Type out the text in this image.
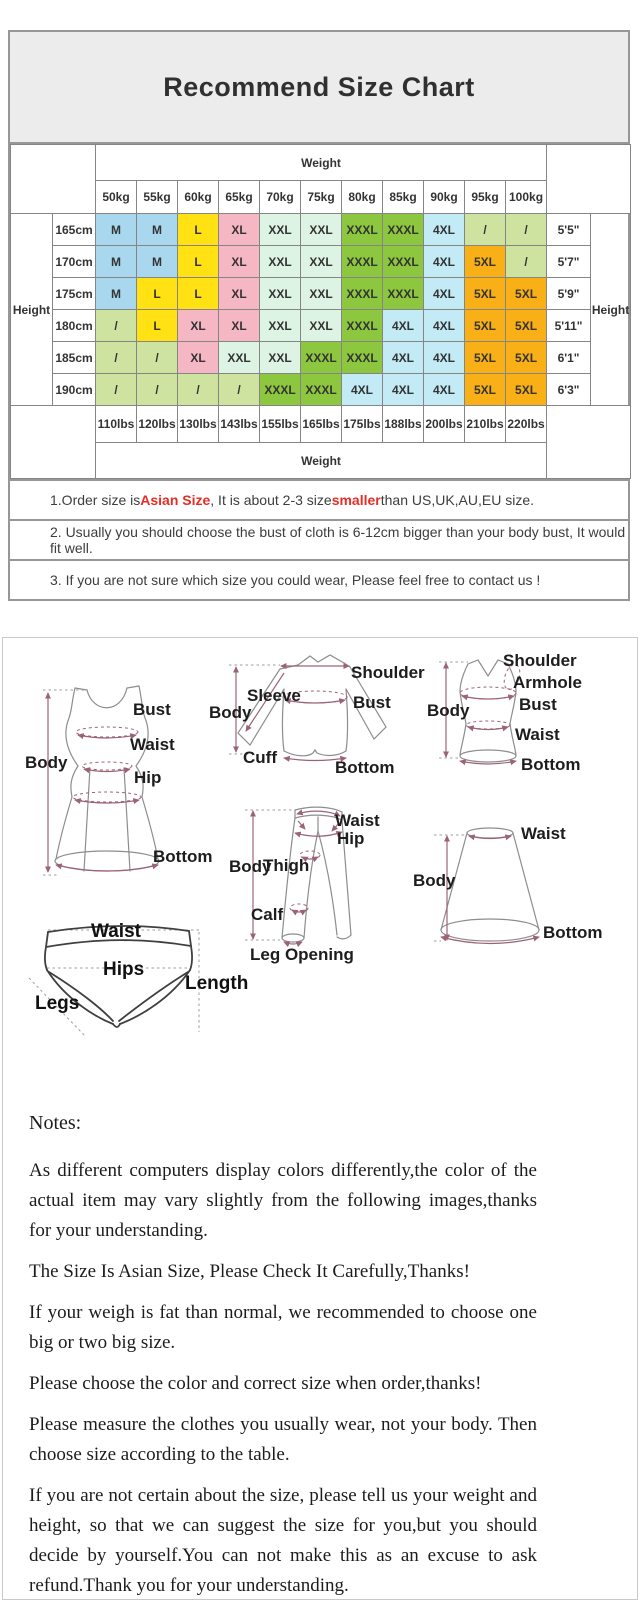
Recommend Size Chart
		Weight												
		50kg	55kg	60kg	65kg	70kg	75kg	80kg	85kg	90kg	95kg	100kg		
Height	165cm	M	M	L	XL	XXL	XXL	XXXL	XXXL	4XL	/	/	5'5"	Height
	170cm	M	M	L	XL	XXL	XXL	XXXL	XXXL	4XL	5XL	/	5'7"	
	175cm	M	L	L	XL	XXL	XXL	XXXL	XXXL	4XL	5XL	5XL	5'9"	
	180cm	/	L	XL	XL	XXL	XXL	XXXL	4XL	4XL	5XL	5XL	5'11"	
	185cm	/	/	XL	XXL	XXL	XXXL	XXXL	4XL	4XL	5XL	5XL	6'1"	
	190cm	/	/	/	/	XXXL	XXXL	4XL	4XL	4XL	5XL	5XL	6'3"	
		110lbs	120lbs	130lbs	143lbs	155lbs	165lbs	175lbs	188lbs	200lbs	210lbs	220lbs		
		Weight												
1.Order size is Asian Size , It is about 2-3 size smaller than US,UK,AU,EU size.
2. Usually you should choose the bust of cloth is 6-12cm bigger than your body bust, It would fit well.
3. If you are not sure which size you could wear, Please feel free to contact us !
Bust
Waist
Hip
Body
Bottom
Shoulder
Sleeve
Body
Bust
Cuff
Bottom
Shoulder
Armhole
Body	Bust
Waist
Bottom
Waist
Hip
Body
Thigh
Calf
Leg Opening
Waist
Body
Bottom
Waist
Hips
Legs
Length
Notes:

As different computers display colors differently,the color of the actual item may vary slightly from the following images,thanks for your understanding.

The Size Is Asian Size, Please Check It Carefully,Thanks!

If your weigh is fat than normal, we recommended to choose one big or two big size.

Please choose the color and correct size when order,thanks!

Please measure the clothes you usually wear, not your body. Then choose size according to the table.

If you are not certain about the size, please tell us your weight and height, so that we can suggest the size for you,but you should decide by yourself.You can not make this as an excuse to ask refund.Thank you for your understanding.
